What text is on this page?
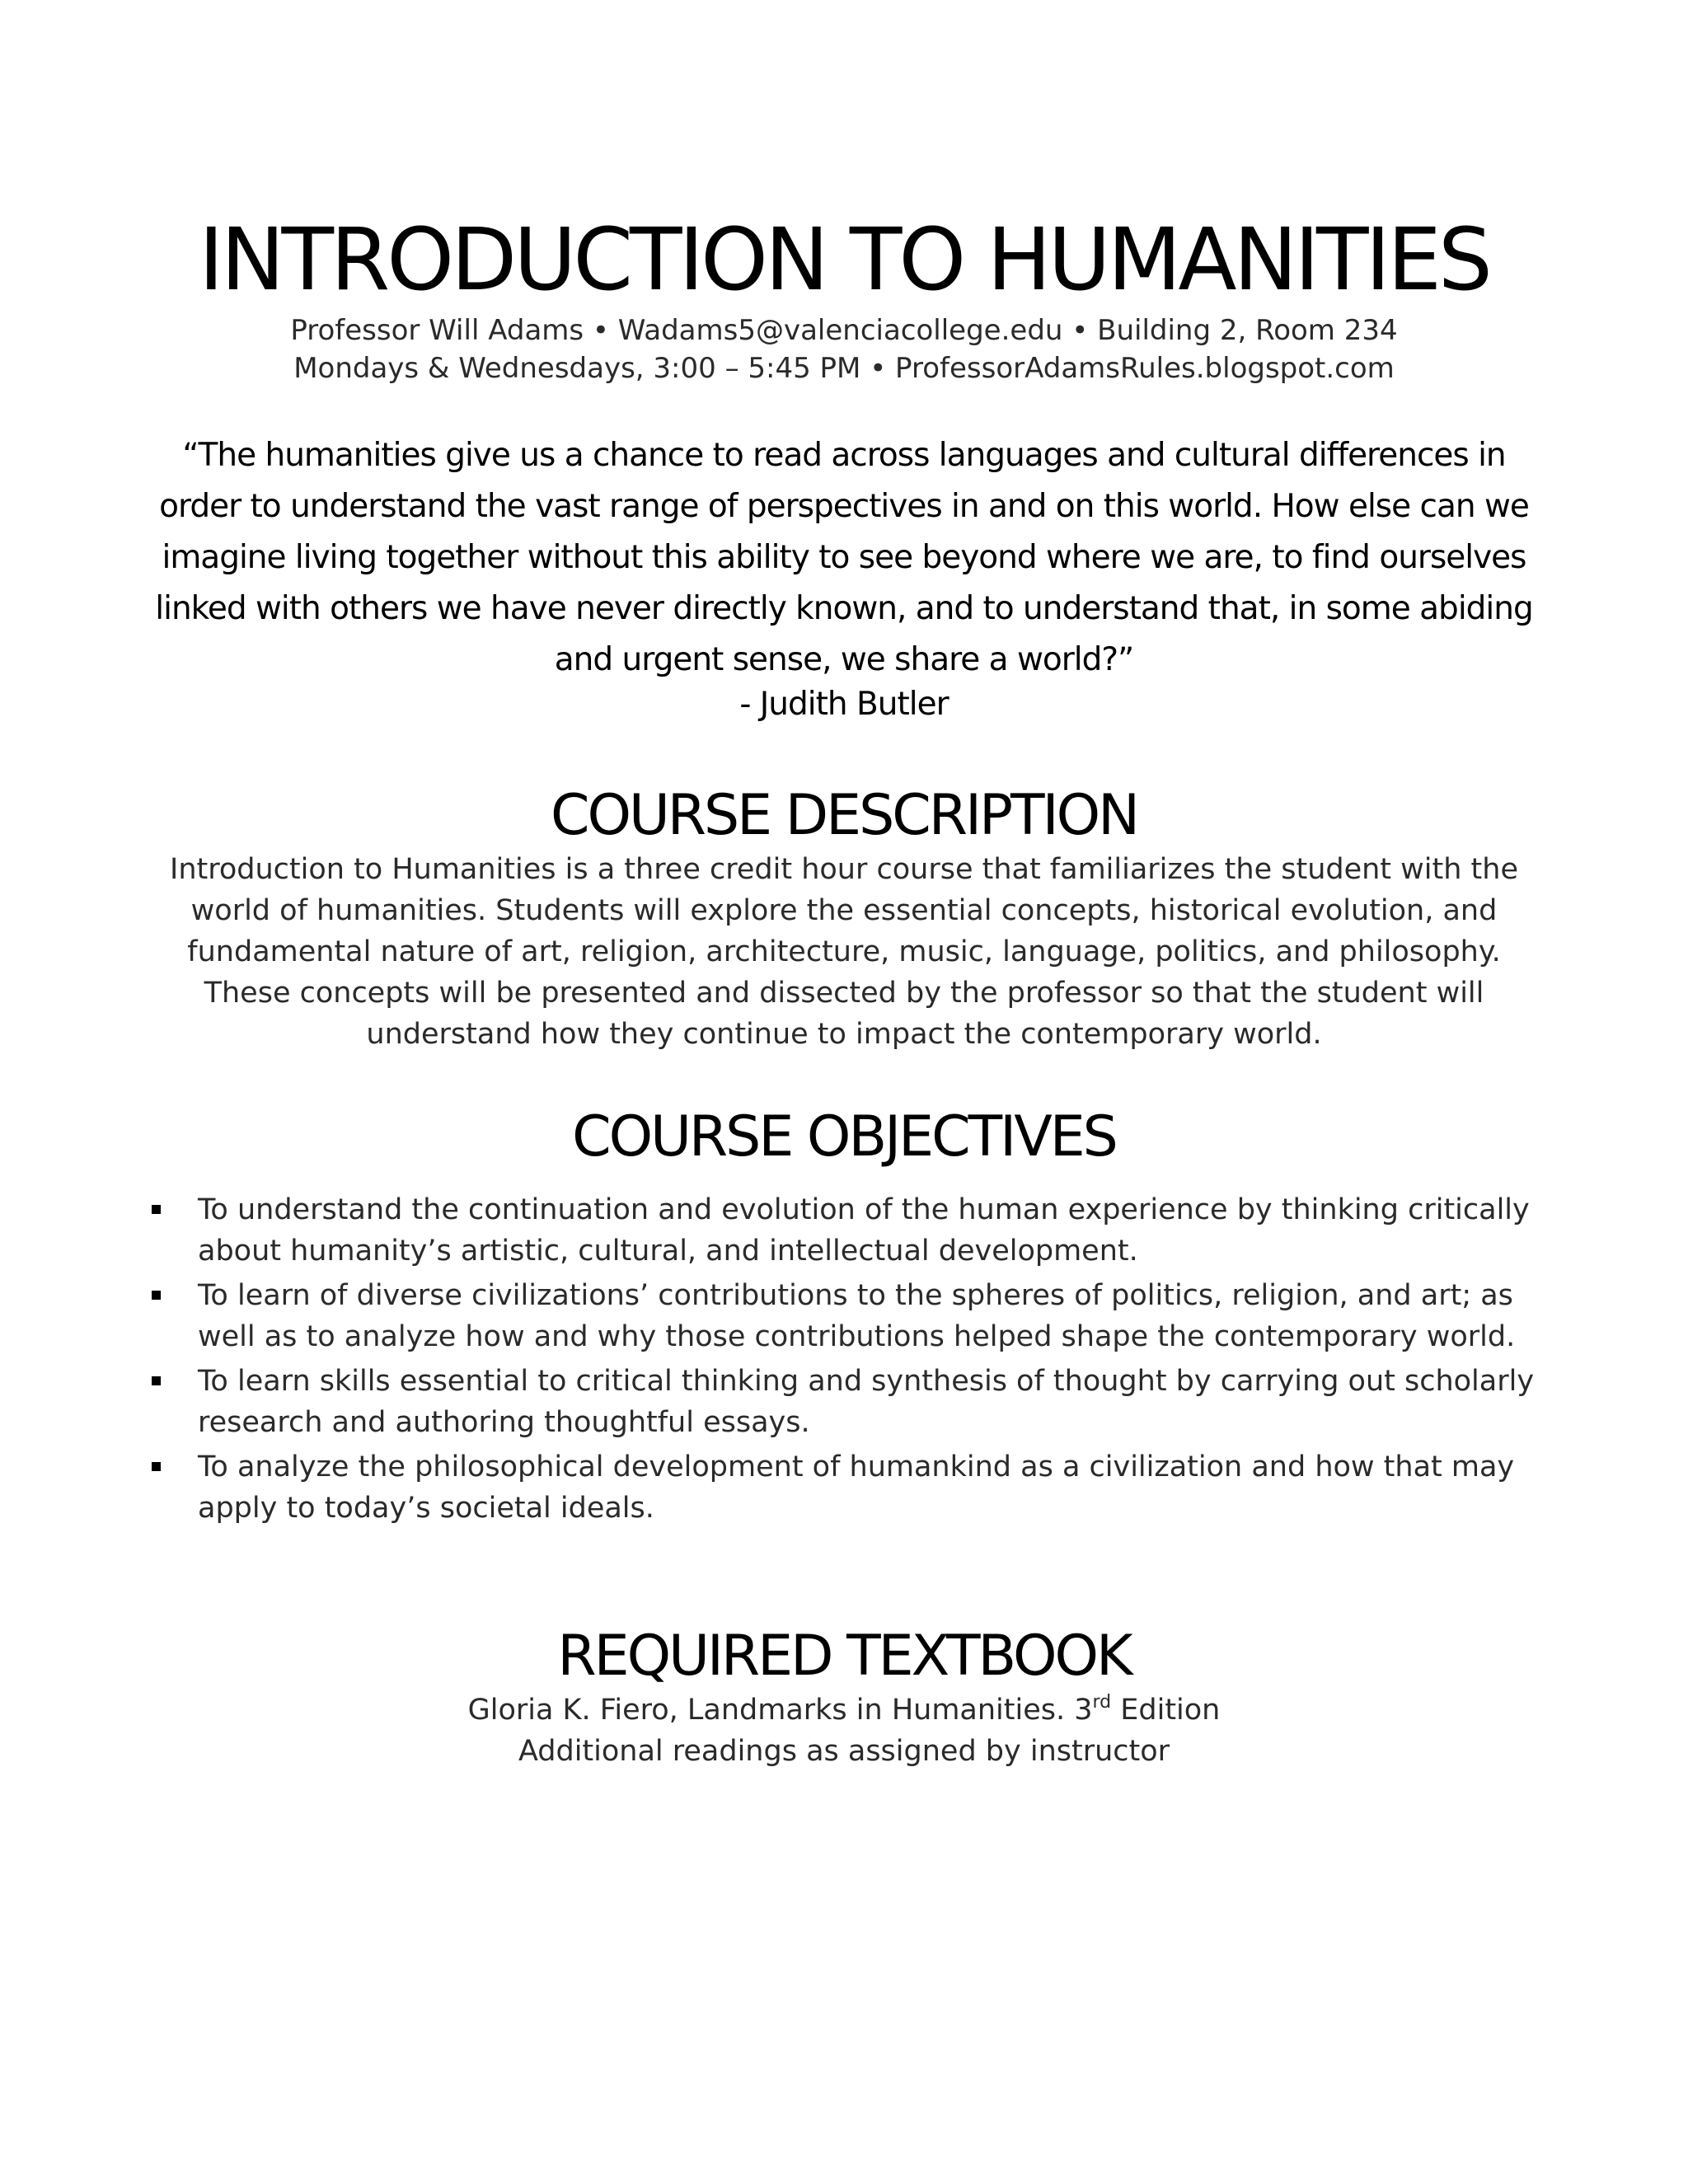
INTRODUCTION TO HUMANITIES
Professor Will Adams • Wadams5@valenciacollege.edu • Building 2, Room 234
Mondays & Wednesdays, 3:00 – 5:45 PM • ProfessorAdamsRules.blogspot.com
“The humanities give us a chance to read across languages and cultural differences in order to understand the vast range of perspectives in and on this world. How else can we imagine living together without this ability to see beyond where we are, to find ourselves linked with others we have never directly known, and to understand that, in some abiding and urgent sense, we share a world?”
- Judith Butler
COURSE DESCRIPTION
Introduction to Humanities is a three credit hour course that familiarizes the student with the world of humanities. Students will explore the essential concepts, historical evolution, and fundamental nature of art, religion, architecture, music, language, politics, and philosophy. These concepts will be presented and dissected by the professor so that the student will understand how they continue to impact the contemporary world.
COURSE OBJECTIVES
To understand the continuation and evolution of the human experience by thinking critically about humanity’s artistic, cultural, and intellectual development.
To learn of diverse civilizations’ contributions to the spheres of politics, religion, and art; as well as to analyze how and why those contributions helped shape the contemporary world.
To learn skills essential to critical thinking and synthesis of thought by carrying out scholarly research and authoring thoughtful essays.
To analyze the philosophical development of humankind as a civilization and how that may apply to today’s societal ideals.
REQUIRED TEXTBOOK
Gloria K. Fiero, Landmarks in Humanities. 3rd Edition
Additional readings as assigned by instructor
